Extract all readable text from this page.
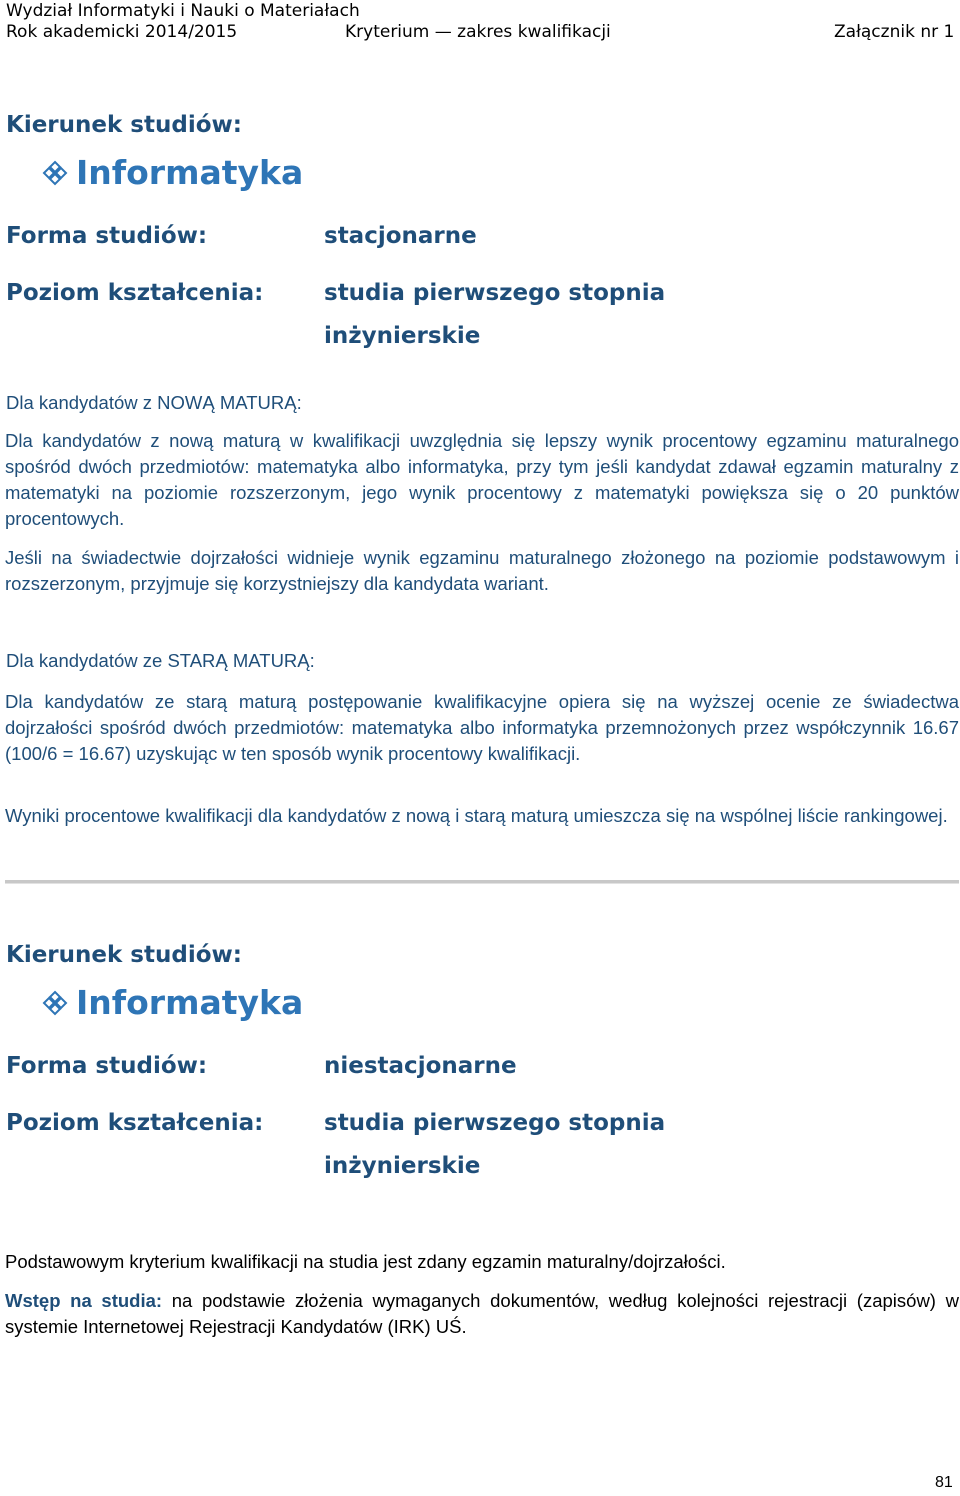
Wydział Informatyki i Nauki o Materiałach
Rok akademicki 2014/2015	Kryterium — zakres kwalifikacji	Załącznik nr 1
Kierunek studiów:
Informatyka
Forma studiów:	stacjonarne
Poziom kształcenia:	studia pierwszego stopnia
inżynierskie
Dla kandydatów z NOWĄ MATURĄ:
Dla kandydatów z nową maturą w kwalifikacji uwzględnia się lepszy wynik procentowy egzaminu maturalnego spośród dwóch przedmiotów: matematyka albo informatyka, przy tym jeśli kandydat zdawał egzamin maturalny z matematyki na poziomie rozszerzonym, jego wynik procentowy z matematyki powiększa się o 20 punktów procentowych.
Jeśli na świadectwie dojrzałości widnieje wynik egzaminu maturalnego złożonego na poziomie podstawowym i rozszerzonym, przyjmuje się korzystniejszy dla kandydata wariant.
Dla kandydatów ze STARĄ MATURĄ:
Dla kandydatów ze starą maturą postępowanie kwalifikacyjne opiera się na wyższej ocenie ze świadectwa dojrzałości spośród dwóch przedmiotów: matematyka albo informatyka przemnożonych przez współczynnik 16.67 (100/6 = 16.67) uzyskując w ten sposób wynik procentowy kwalifikacji.
Wyniki procentowe kwalifikacji dla kandydatów z nową i starą maturą umieszcza się na wspólnej liście rankingowej.
Kierunek studiów:
Informatyka
Forma studiów:	niestacjonarne
Poziom kształcenia:	studia pierwszego stopnia
inżynierskie
Podstawowym kryterium kwalifikacji na studia jest zdany egzamin maturalny/dojrzałości.
Wstęp na studia: na podstawie złożenia wymaganych dokumentów, według kolejności rejestracji (zapisów) w systemie Internetowej Rejestracji Kandydatów (IRK) UŚ.
81
